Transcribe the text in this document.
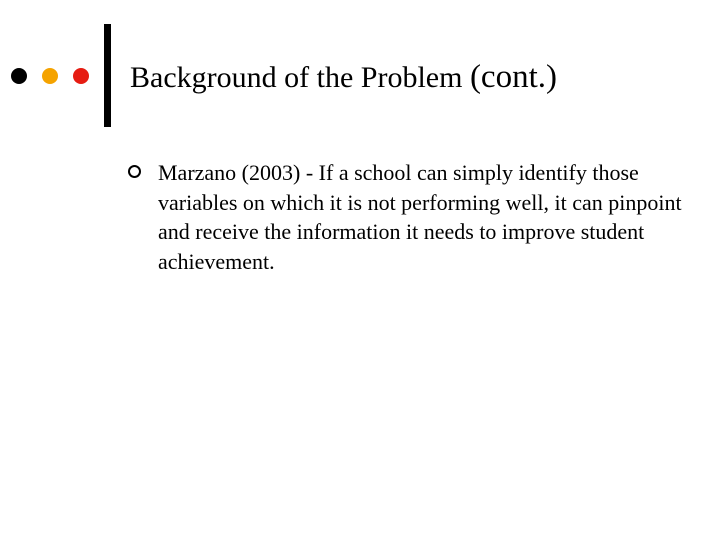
Background of the Problem (cont.)
Marzano (2003) - If a school can simply identify those variables on which it is not performing well, it can pinpoint and receive the information it needs to improve student achievement.
